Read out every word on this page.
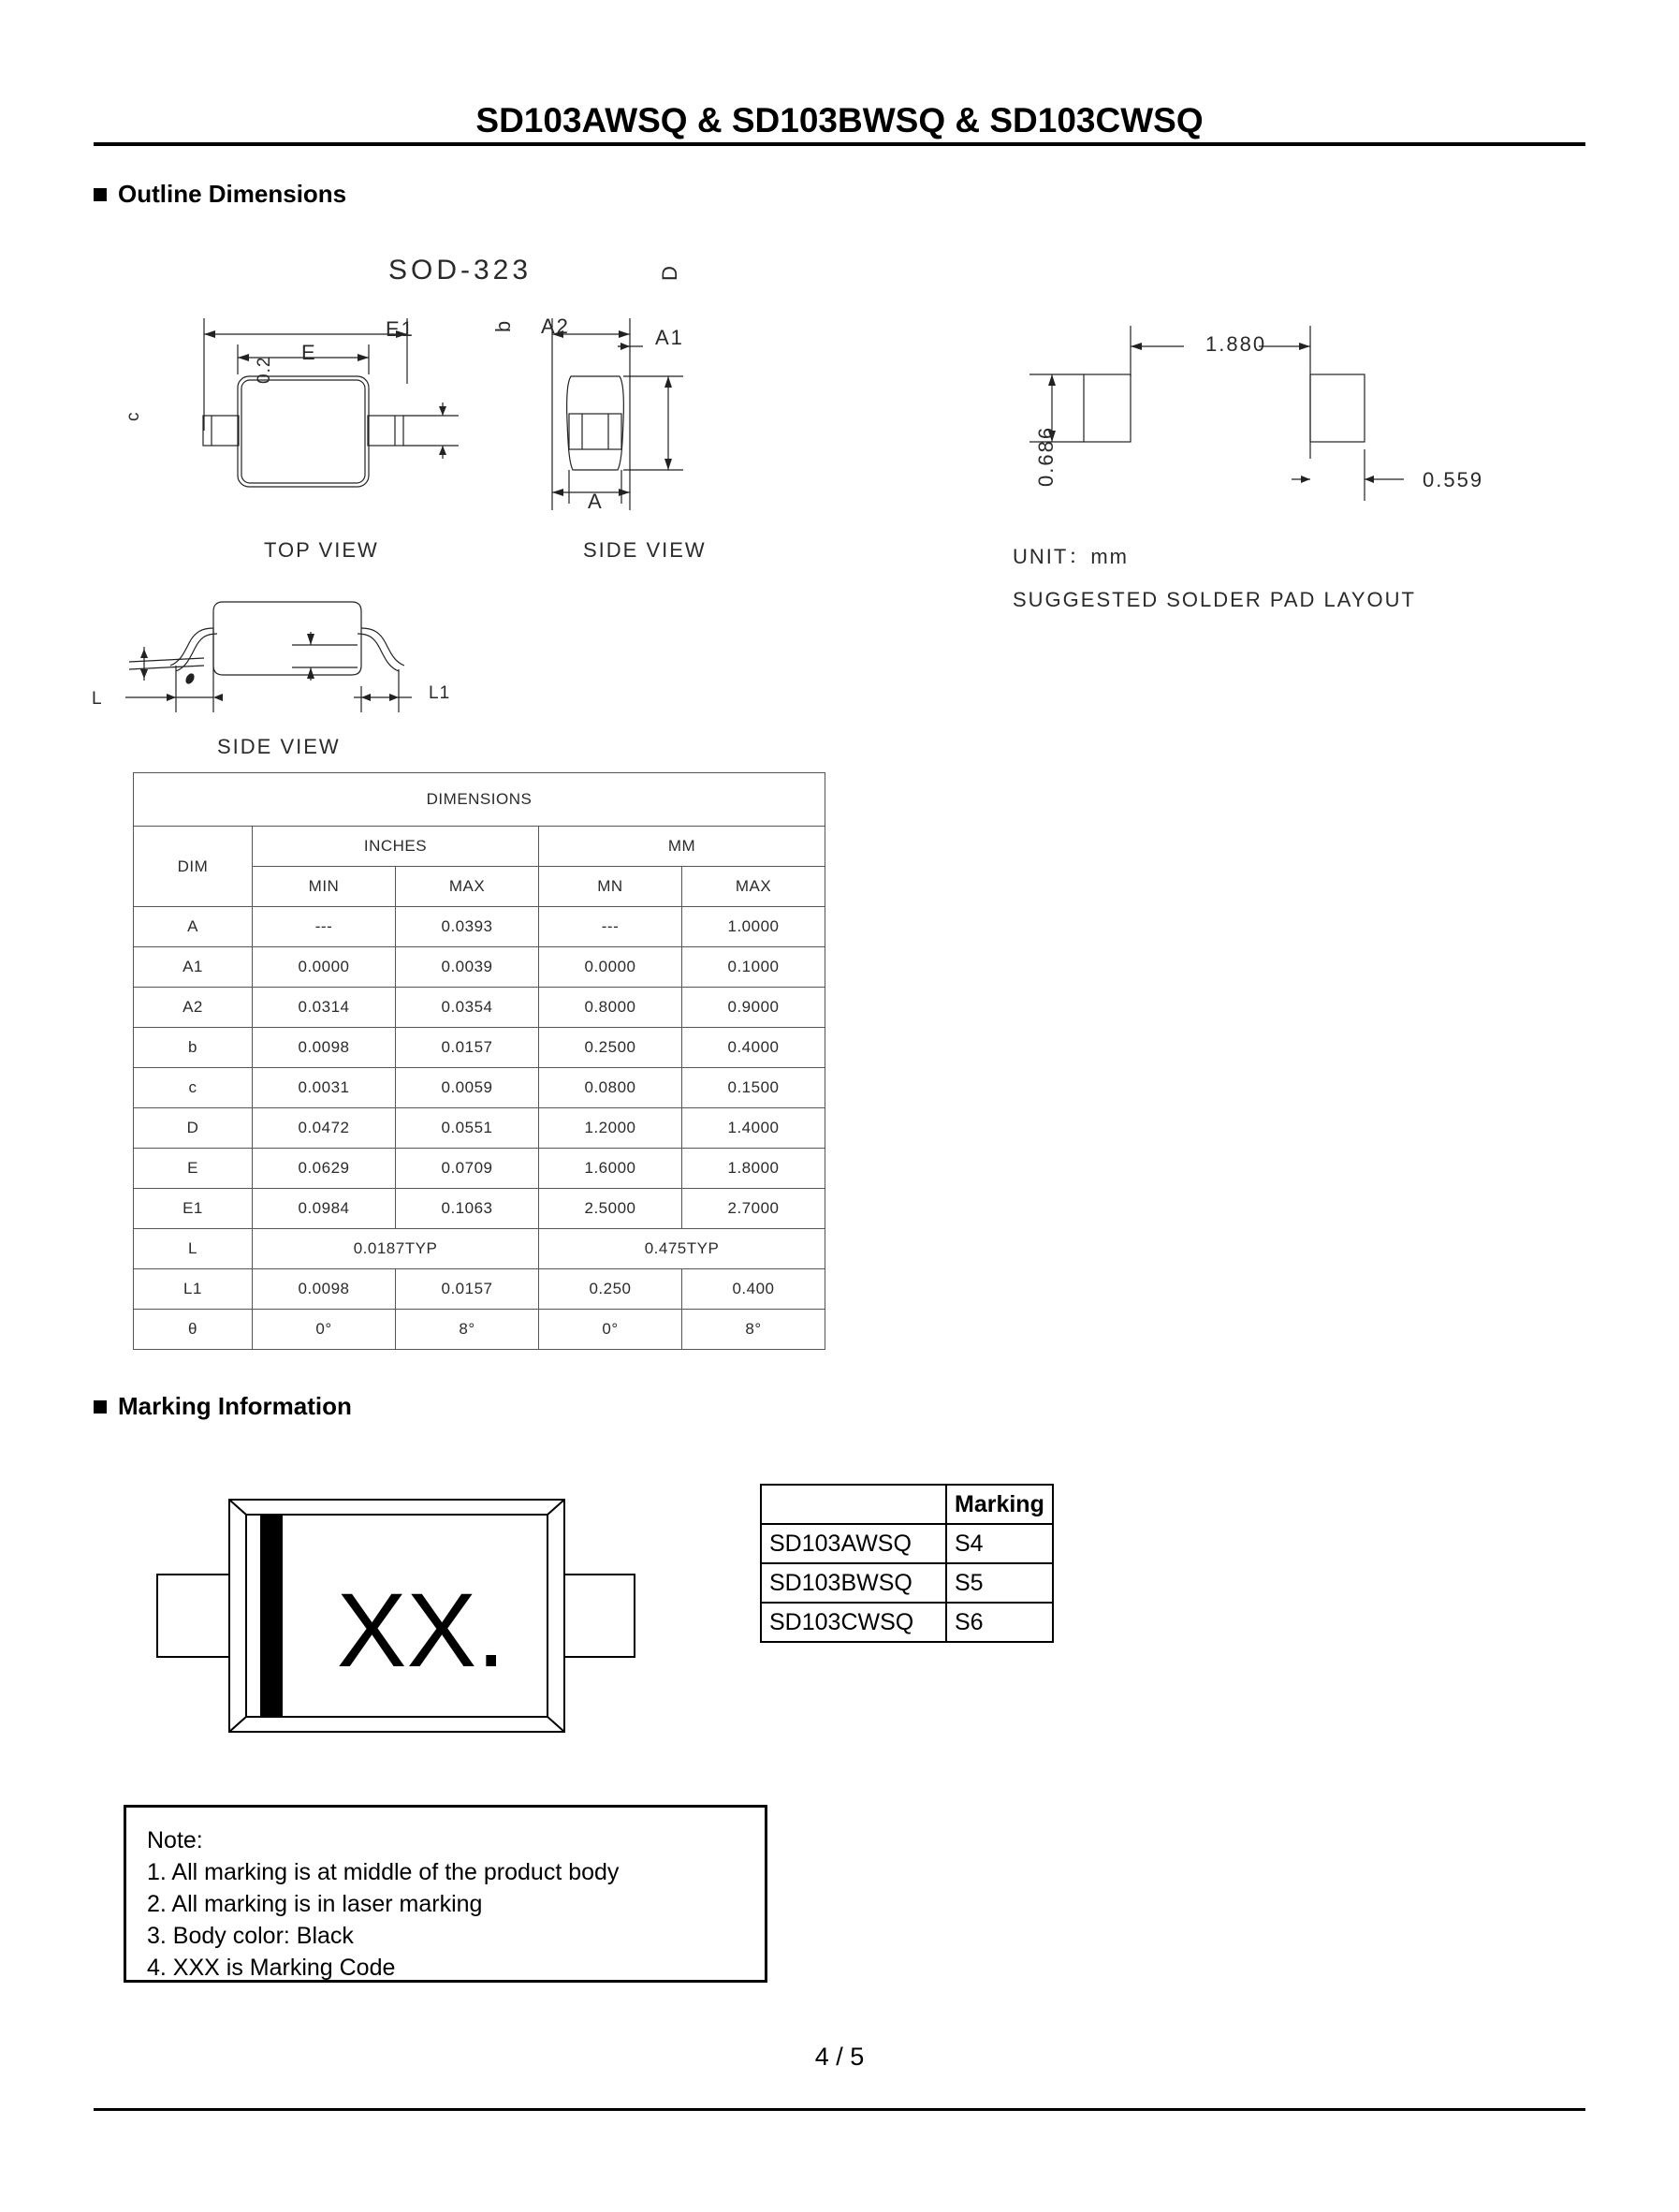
SD103AWSQ & SD103BWSQ & SD103CWSQ
Outline Dimensions
SOD-323
E1
E
b A2	A1
D
A
TOP VIEW	SIDE VIEW
c
L
0.2
L1
SIDE VIEW
1.880
0.686	0.559
UNIT：mm
SUGGESTED SOLDER PAD LAYOUT
DIMENSIONS				
DIM	INCHES		MM	
	MIN	MAX	MN	MAX
A	---	0.0393	---	1.0000
A1	0.0000	0.0039	0.0000	0.1000
A2	0.0314	0.0354	0.8000	0.9000
b	0.0098	0.0157	0.2500	0.4000
c	0.0031	0.0059	0.0800	0.1500
D	0.0472	0.0551	1.2000	1.4000
E	0.0629	0.0709	1.6000	1.8000
E1	0.0984	0.1063	2.5000	2.7000
L	0.0187TYP		0.475TYP	
L1	0.0098	0.0157	0.250	0.400
θ	0°	8°	0°	8°
Marking Information
XX.
	Marking
SD103AWSQ	S4
SD103BWSQ	S5
SD103CWSQ	S6
Note:
1. All marking is at middle of the product body
2. All marking is in laser marking
3. Body color: Black
4. XXX is Marking Code
4 / 5
